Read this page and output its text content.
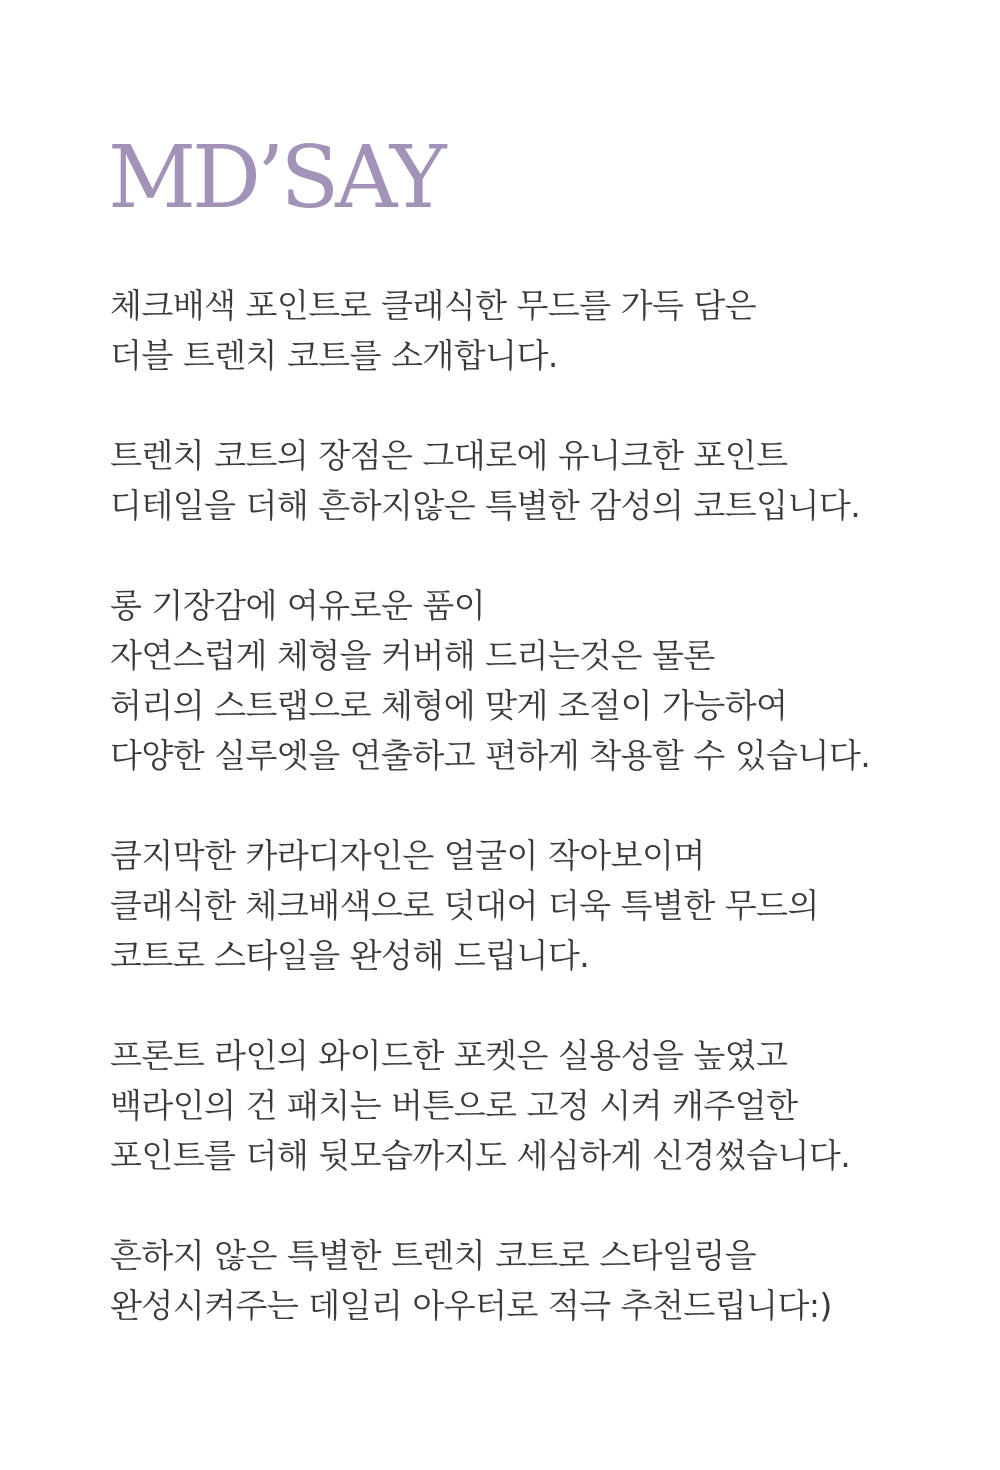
MD’SAY

체크배색 포인트로 클래식한 무드를 가득 담은
더블 트렌치 코트를 소개합니다.

트렌치 코트의 장점은 그대로에 유니크한 포인트
디테일을 더해 흔하지않은 특별한 감성의 코트입니다.

롱 기장감에 여유로운 품이
자연스럽게 체형을 커버해 드리는것은 물론
허리의 스트랩으로 체형에 맞게 조절이 가능하여
다양한 실루엣을 연출하고 편하게 착용할 수 있습니다.

큼지막한 카라디자인은 얼굴이 작아보이며
클래식한 체크배색으로 덧대어 더욱 특별한 무드의
코트로 스타일을 완성해 드립니다.

프론트 라인의 와이드한 포켓은 실용성을 높였고
백라인의 건 패치는 버튼으로 고정 시켜 캐주얼한
포인트를 더해 뒷모습까지도 세심하게 신경썼습니다.

흔하지 않은 특별한 트렌치 코트로 스타일링을
완성시켜주는 데일리 아우터로 적극 추천드립니다:)
